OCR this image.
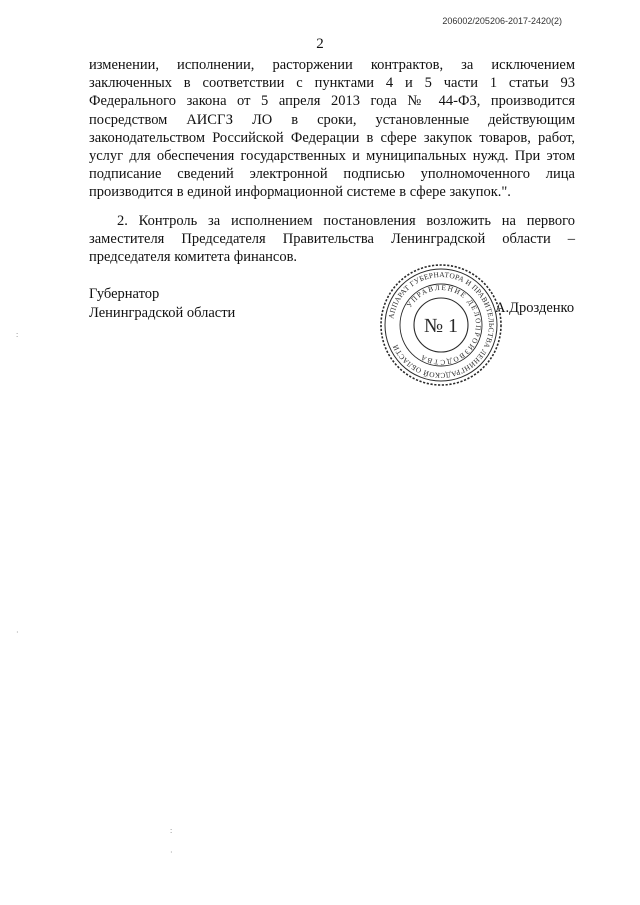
206002/205206-2017-2420(2)
2

изменении, исполнении, расторжении контрактов, за исключением заключенных в соответствии с пунктами 4 и 5 части 1 статьи 93 Федерального закона от 5 апреля 2013 года № 44-ФЗ, производится посредством АИСГЗ ЛО в сроки, установленные действующим законодательством Российской Федерации в сфере закупок товаров, работ, услуг для обеспечения государственных и муниципальных нужд. При этом подписание сведений электронной подписью уполномоченного лица производится в единой информационной системе в сфере закупок.".

2. Контроль за исполнением постановления возложить на первого заместителя Председателя Правительства Ленинградской области – председателя комитета финансов.

Губернатор
Ленинградской области	АППАРАТ ГУБЕРНАТОРА И ПРАВИТЕЛЬСТВА ЛЕНИНГРАДСКОЙ ОБЛАСТИ
УПРАВЛЕНИЕ ДЕЛОПРОИЗВОДСТВА
№ 1
А.Дрозденко
:
·
:
·
